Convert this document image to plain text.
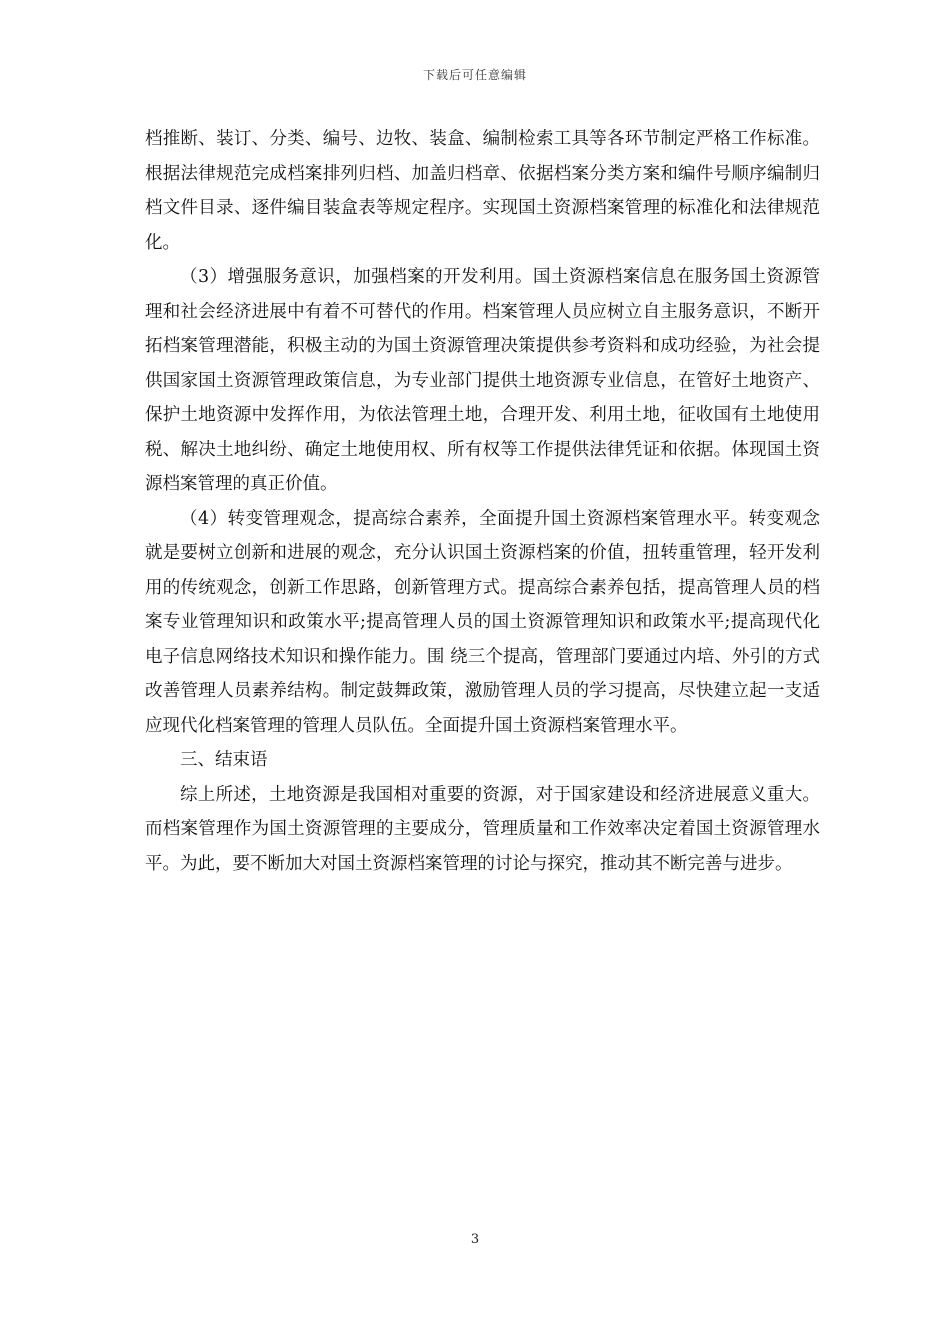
下载后可任意编辑

档推断、装订、分类、编号、边牧、装盒、编制检索工具等各环节制定严格工作标准。根据法律规范完成档案排列归档、加盖归档章、依据档案分类方案和编件号顺序编制归档文件目录、逐件编目装盒表等规定程序。实现国土资源档案管理的标准化和法律规范化。

（3）增强服务意识，加强档案的开发利用。国土资源档案信息在服务国土资源管理和社会经济进展中有着不可替代的作用。档案管理人员应树立自主服务意识，不断开拓档案管理潜能，积极主动的为国土资源管理决策提供参考资料和成功经验，为社会提供国家国土资源管理政策信息，为专业部门提供土地资源专业信息，在管好土地资产、保护土地资源中发挥作用，为依法管理土地，合理开发、利用土地，征收国有土地使用税、解决土地纠纷、确定土地使用权、所有权等工作提供法律凭证和依据。体现国土资源档案管理的真正价值。

（4）转变管理观念，提高综合素养，全面提升国土资源档案管理水平。转变观念就是要树立创新和进展的观念，充分认识国土资源档案的价值，扭转重管理，轻开发利用的传统观念，创新工作思路，创新管理方式。提高综合素养包括，提高管理人员的档案专业管理知识和政策水平;提高管理人员的国土资源管理知识和政策水平;提高现代化电子信息网络技术知识和操作能力。围 绕三个提高，管理部门要通过内培、外引的方式改善管理人员素养结构。制定鼓舞政策，激励管理人员的学习提高，尽快建立起一支适应现代化档案管理的管理人员队伍。全面提升国土资源档案管理水平。

三、结束语

综上所述，土地资源是我国相对重要的资源，对于国家建设和经济进展意义重大。而档案管理作为国土资源管理的主要成分，管理质量和工作效率决定着国土资源管理水平。为此，要不断加大对国土资源档案管理的讨论与探究，推动其不断完善与进步。

3
